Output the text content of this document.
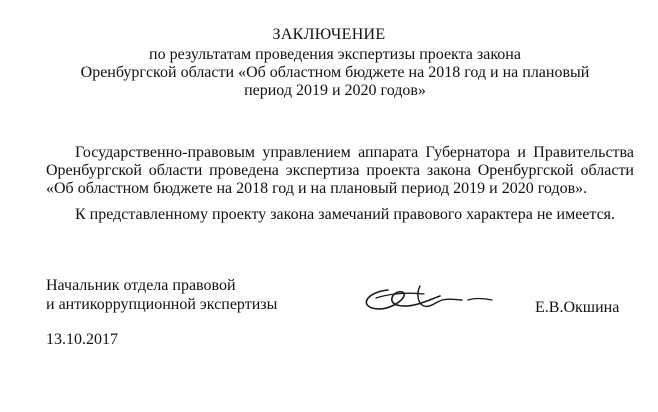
ЗАКЛЮЧЕНИЕ
по результатам проведения экспертизы проекта закона
Оренбургской области «Об областном бюджете на 2018 год и на плановый
период 2019 и 2020 годов»
Государственно-правовым управлением аппарата Губернатора и Правительства Оренбургской области проведена экспертиза проекта закона Оренбургской области «Об областном бюджете на 2018 год и на плановый период 2019 и 2020 годов».
К представленному проекту закона замечаний правового характера не имеется.
Начальник отдела правовой
и антикоррупционной экспертизы	Е.В.Окшина
13.10.2017
